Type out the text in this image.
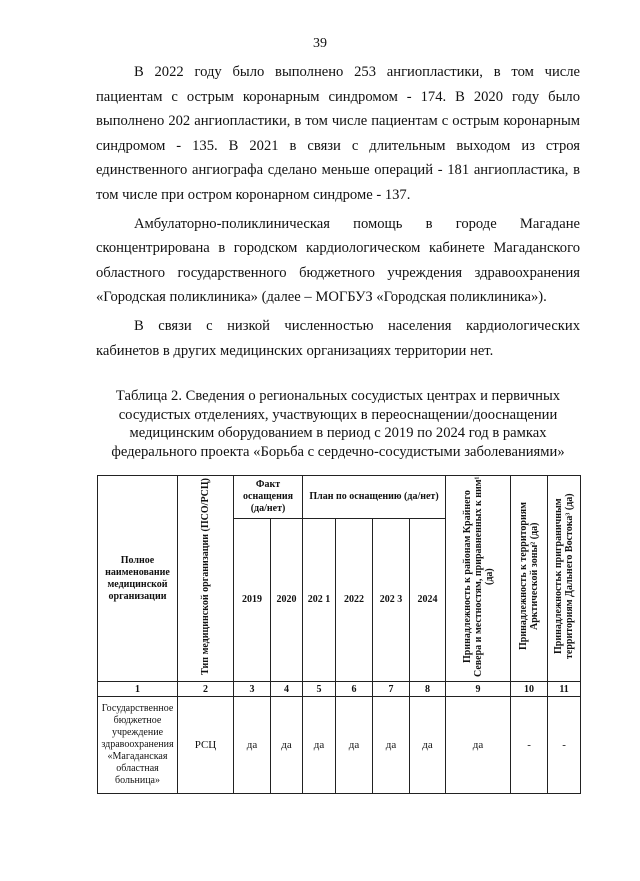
39

В 2022 году было выполнено 253 ангиопластики, в том числе пациентам с острым коронарным синдромом - 174. В 2020 году было выполнено 202 ангиопластики, в том числе пациентам с острым коронарным синдромом - 135. В 2021 в связи с длительным выходом из строя единственного ангиографа сделано меньше операций - 181 ангиопластика, в том числе при остром коронарном синдроме - 137.

Амбулаторно-поликлиническая помощь в городе Магадане сконцентрирована в городском кардиологическом кабинете Магаданского областного государственного бюджетного учреждения здравоохранения «Городская поликлиника» (далее – МОГБУЗ «Городская поликлиника»).

В связи с низкой численностью населения кардиологических кабинетов в других медицинских организациях территории нет.

Таблица 2. Сведения о региональных сосудистых центрах и первичных сосудистых отделениях, участвующих в переоснащении/дооснащении медицинским оборудованием в период с 2019 по 2024 год в рамках федерального проекта «Борьба с сердечно-сосудистыми заболеваниями»
Полное наименование медицинской организации	Тип медицинской организации (ПСО/РСЦ)	Факт оснащения (да/нет)		План по оснащению (да/нет)				Принадлежность к районам Крайнего Севера и местностям, приравненных к ним¹ (да)	Принадлежность к территориям Арктической зоны² (да)	Принадлежностьк приграничным территориям Дальнего Востока³ (да)
		2019	2020	202 1	2022	202 3	2024			
1	2	3	4	5	6	7	8	9	10	11
Государственное бюджетное учреждение здравоохранения «Магаданская областная больница»	РСЦ	да	да	да	да	да	да	да	-	-
